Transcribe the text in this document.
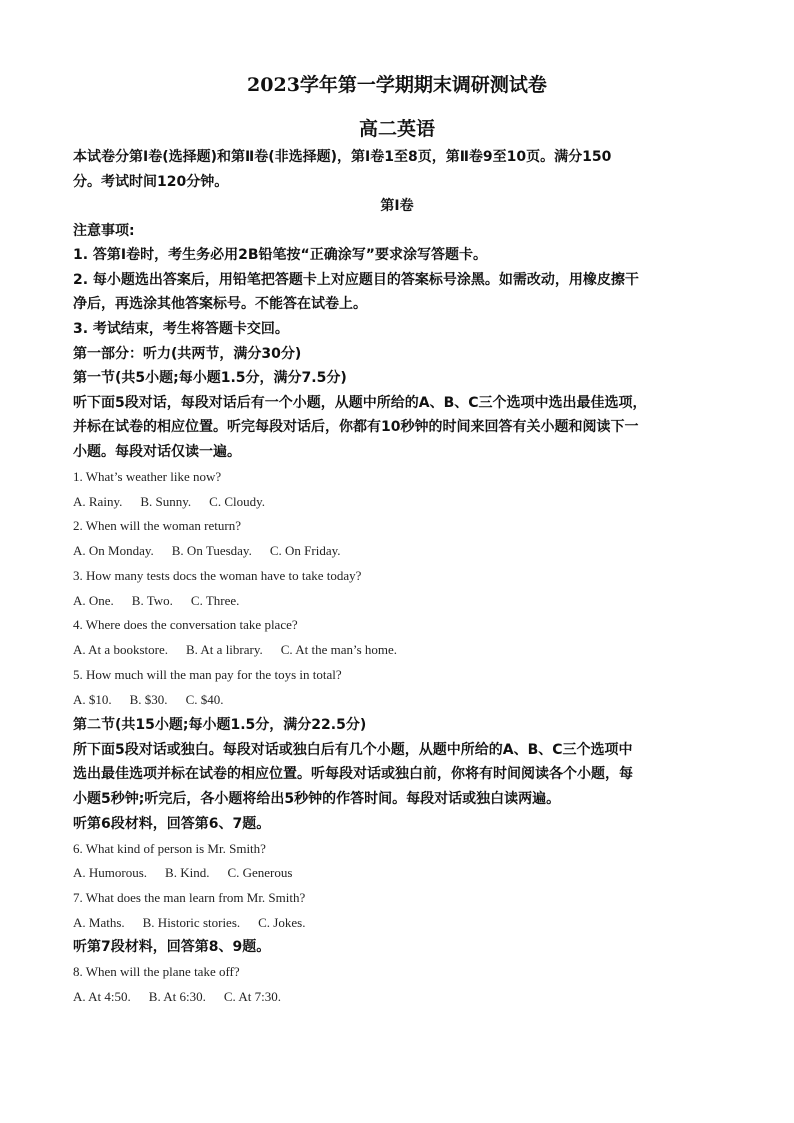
2023学年第一学期期末调研测试卷
高二英语
本试卷分第Ⅰ卷(选择题)和第Ⅱ卷(非选择题)，第Ⅰ卷1至8页，第Ⅱ卷9至10页。满分150
分。考试时间120分钟。
第Ⅰ卷
注意事项:
1. 答第Ⅰ卷时，考生务必用2B铅笔按“正确涂写”要求涂写答题卡。
2. 每小题选出答案后，用铅笔把答题卡上对应题目的答案标号涂黑。如需改动，用橡皮擦干
净后，再选涂其他答案标号。不能答在试卷上。
3. 考试结束，考生将答题卡交回。
第一部分：听力(共两节，满分30分)
第一节(共5小题;每小题1.5分，满分7.5分)
听下面5段对话，每段对话后有一个小题，从题中所给的A、B、C三个选项中选出最佳选项，
并标在试卷的相应位置。听完每段对话后，你都有10秒钟的时间来回答有关小题和阅读下一
小题。每段对话仅读一遍。
1. What’s weather like now?
A. Rainy. B. Sunny. C. Cloudy.
2. When will the woman return?
A. On Monday. B. On Tuesday. C. On Friday.
3. How many tests docs the woman have to take today?
A. One. B. Two. C. Three.
4. Where does the conversation take place?
A. At a bookstore. B. At a library. C. At the man’s home.
5. How much will the man pay for the toys in total?
A. $10. B. $30. C. $40.
第二节(共15小题;每小题1.5分，满分22.5分)
所下面5段对话或独白。每段对话或独白后有几个小题，从题中所给的A、B、C三个选项中
选出最佳选项并标在试卷的相应位置。听每段对话或独白前，你将有时间阅读各个小题，每
小题5秒钟;听完后，各小题将给出5秒钟的作答时间。每段对话或独白读两遍。
听第6段材料，回答第6、7题。
6. What kind of person is Mr. Smith?
A. Humorous. B. Kind. C. Generous
7. What does the man learn from Mr. Smith?
A. Maths. B. Historic stories. C. Jokes.
听第7段材料，回答第8、9题。
8. When will the plane take off?
A. At 4:50. B. At 6:30. C. At 7:30.
